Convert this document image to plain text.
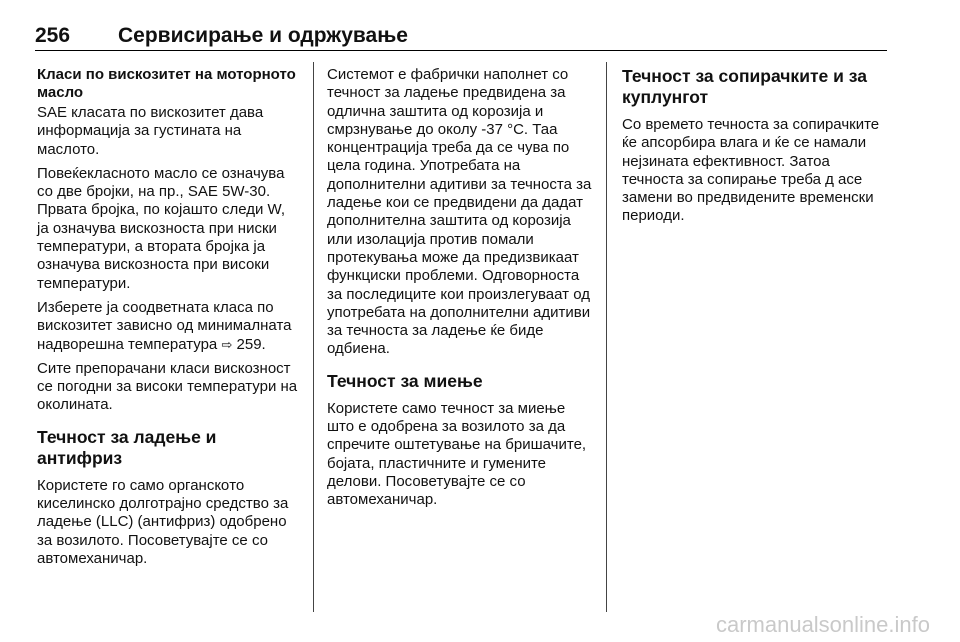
256 Сервисирање и одржување
Класи по вискозитет на моторното масло

SAE класата по вискозитет дава информација за густината на маслото.

Повеќекласното масло се означува со две бројки, на пр., SAE 5W-30. Првата бројка, по којашто следи W, ја означува вискозноста при ниски температури, а втората бројка ја означува вискозноста при високи температури.

Изберете ја соодветната класа по вискозитет зависно од минималната надворешна температура ⇨ 259.

Сите препорачани класи вискозност се погодни за високи температури на околината.

Течност за ладење и антифриз

Користете го само органскoто киселинско долготрајно средство за ладење (LLC) (антифриз) одобрено за возилото. Посоветувајте се со автомеханичар.

Системот е фабрички наполнет со течност за ладење предвидена за одлична заштита од корозија и смрзнување до околу -37 °C. Таа концентрација треба да се чува по цела година. Употребата на дополнителни адитиви за течноста за ладење кои се предвидени да дадат дополнителна заштита од корозија или изолација против помали протекувања може да предизвикаат функциски проблеми. Одговорноста за последиците кои произлегуваат од употребата на дополнителни адитиви за течноста за ладење ќе биде одбиена.

Течност за миење

Користете само течност за миење што е одобрена за возилото за да спречите оштетување на бришачите, бојата, пластичните и гумените делови. Посоветувајте се со автомеханичар.

Течност за сопирачките и за куплунгот

Со времето течноста за сопирачките ќе апсорбира влага и ќе се намали нејзината ефективност. Затоа течноста за сопирање треба д асе замени во предвидените временски периоди.

carmanualsonline.info
